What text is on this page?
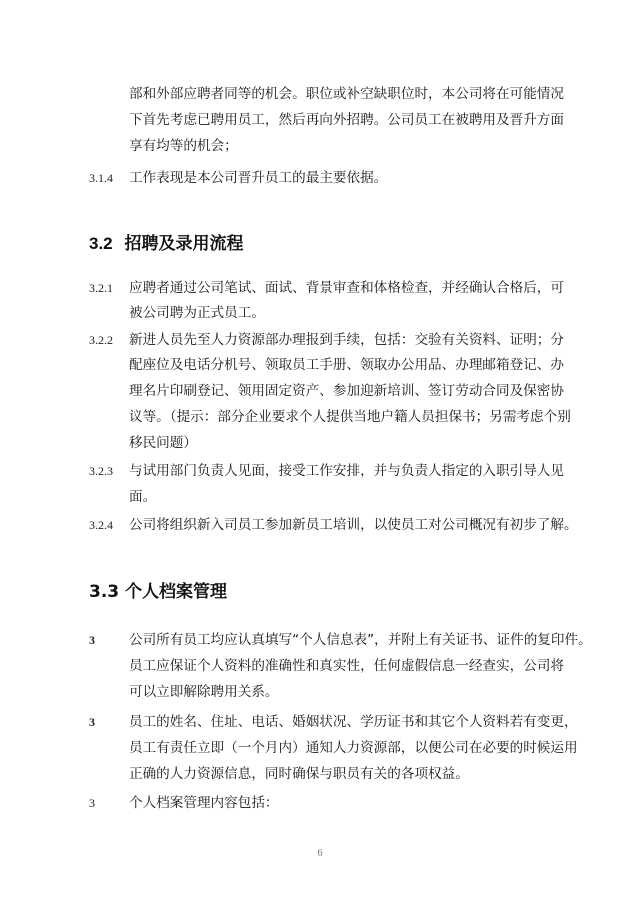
部和外部应聘者同等的机会。职位或补空缺职位时，本公司将在可能情况
下首先考虑已聘用员工，然后再向外招聘。公司员工在被聘用及晋升方面
享有均等的机会；
3.1.4 工作表现是本公司晋升员工的最主要依据。
3.2 招聘及录用流程
3.2.1 应聘者通过公司笔试、面试、背景审查和体格检查，并经确认合格后，可
被公司聘为正式员工。
3.2.2 新进人员先至人力资源部办理报到手续，包括：交验有关资料、证明；分
配座位及电话分机号、领取员工手册、领取办公用品、办理邮箱登记、办
理名片印刷登记、领用固定资产、参加迎新培训、签订劳动合同及保密协
议等。（提示：部分企业要求个人提供当地户籍人员担保书；另需考虑个别
移民问题）
3.2.3 与试用部门负责人见面，接受工作安排，并与负责人指定的入职引导人见
面。
3.2.4 公司将组织新入司员工参加新员工培训，以使员工对公司概况有初步了解。
3.3 个人档案管理
3	公司所有员工均应认真填写“个人信息表”，并附上有关证书、证件的复印件。
员工应保证个人资料的准确性和真实性，任何虚假信息一经查实，公司将
可以立即解除聘用关系。
3	员工的姓名、住址、电话、婚姻状况、学历证书和其它个人资料若有变更，
员工有责任立即（一个月内）通知人力资源部，以便公司在必要的时候运用
正确的人力资源信息，同时确保与职员有关的各项权益。
3	个人档案管理内容包括：
6
